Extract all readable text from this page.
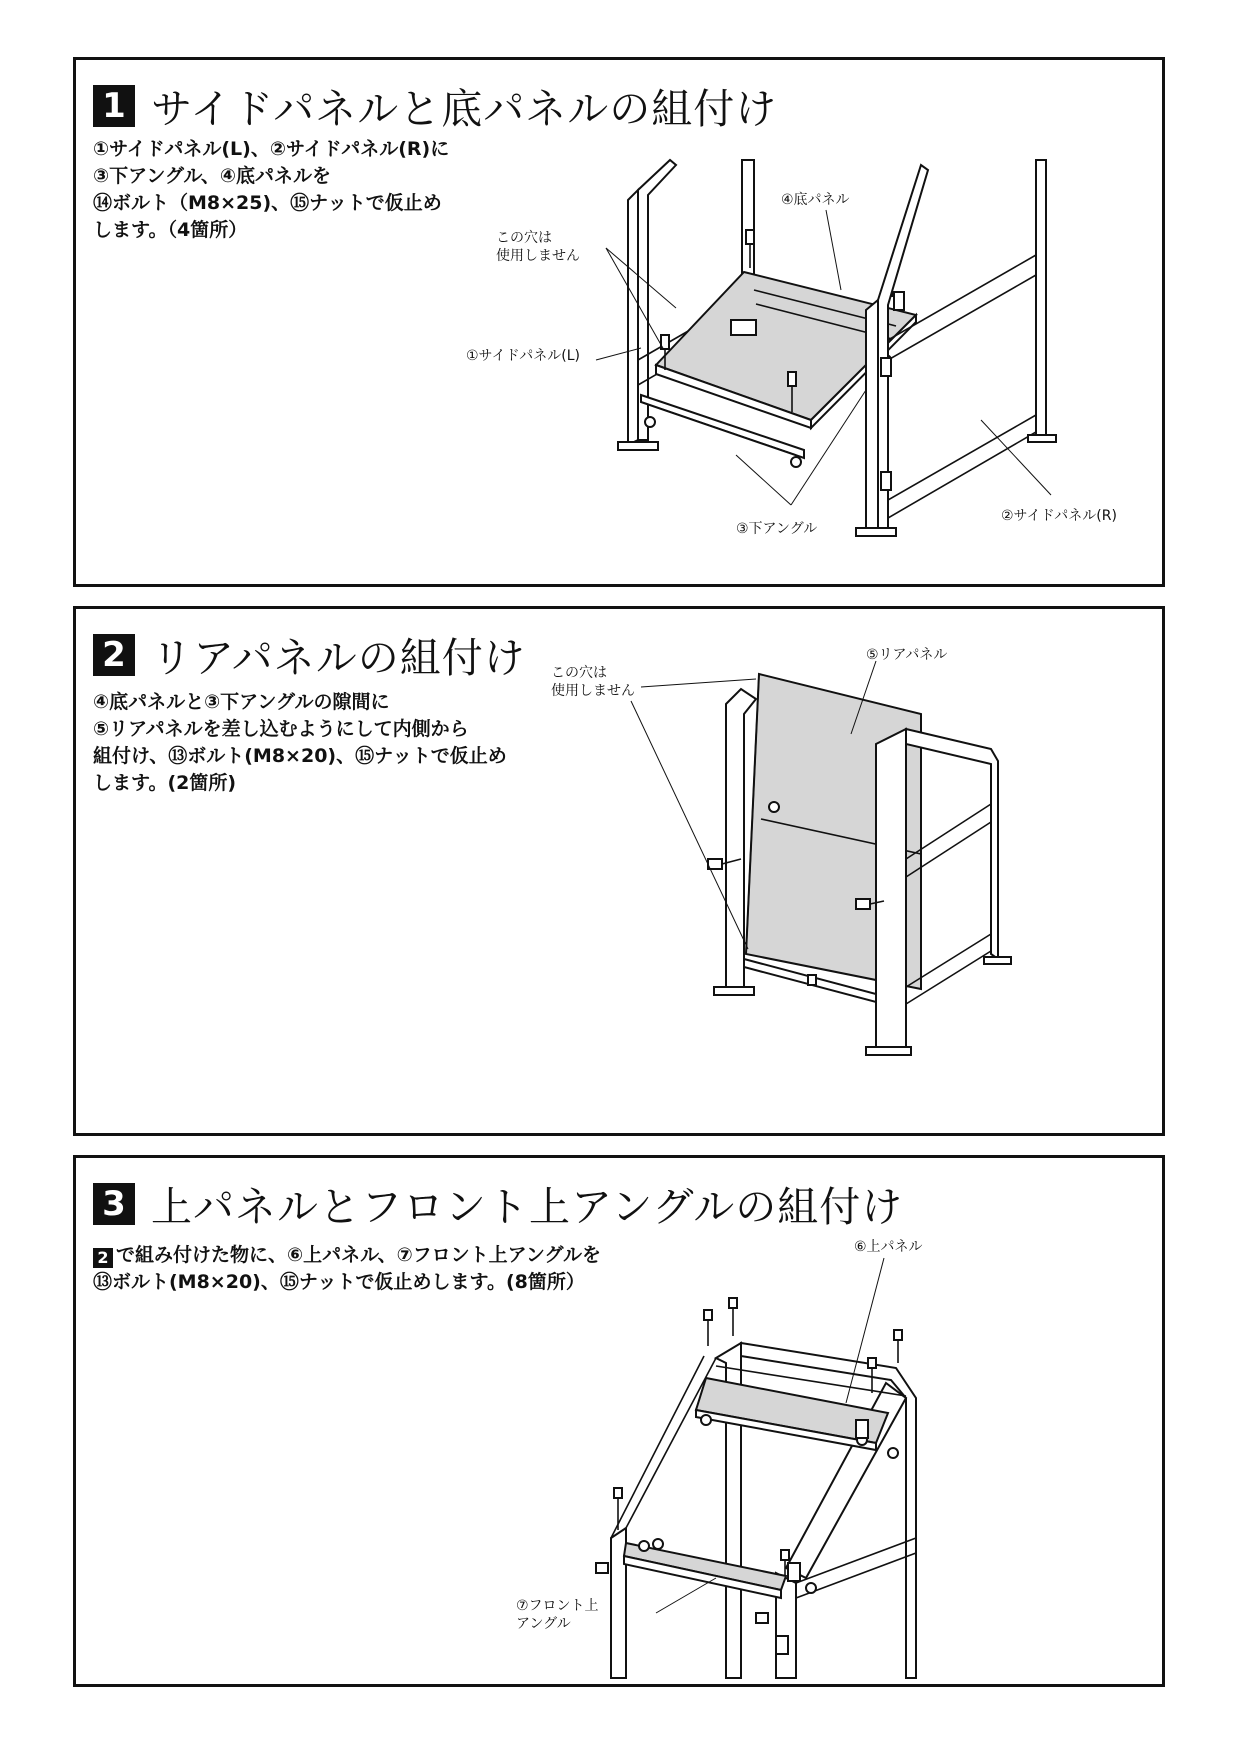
1 サイドパネルと底パネルの組付け
①サイドパネル(L)、②サイドパネル(R)に
③下アングル、④底パネルを
⑭ボルト（M8×25)、⑮ナットで仮止め
します。（4箇所）
④底パネル
①サイドパネル(L)
③下アングル
②サイドパネル(R)
この穴は使用しません
2 リアパネルの組付け
④底パネルと③下アングルの隙間に
⑤リアパネルを差し込むようにして内側から
組付け、⑬ボルト(M8×20)、⑮ナットで仮止め
します。(2箇所)
⑤リアパネル
この穴は使用しません
3 上パネルとフロント上アングルの組付け
2 で組み付けた物に、⑥上パネル、⑦フロント上アングルを
⑬ボルト(M8×20)、⑮ナットで仮止めします。(8箇所）
⑥上パネル
⑦フロント上アングル
